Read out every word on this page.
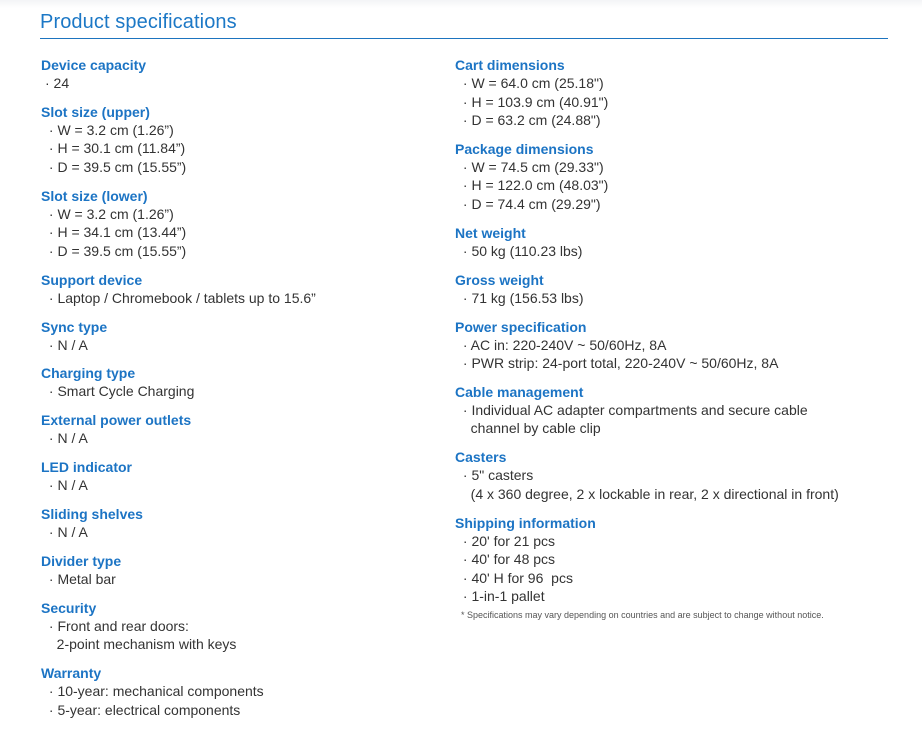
Product specifications
Device capacity
· 24
Slot size (upper)
· W = 3.2 cm (1.26”)
· H = 30.1 cm (11.84”)
· D = 39.5 cm (15.55”)
Slot size (lower)
· W = 3.2 cm (1.26”)
· H = 34.1 cm (13.44”)
· D = 39.5 cm (15.55”)
Support device
· Laptop / Chromebook / tablets up to 15.6”
Sync type
· N / A
Charging type
· Smart Cycle Charging
External power outlets
· N / A
LED indicator
· N / A
Sliding shelves
· N / A
Divider type
· Metal bar
Security
· Front and rear doors:
2-point mechanism with keys
Warranty
· 10-year: mechanical components
· 5-year: electrical components
Cart dimensions
· W = 64.0 cm (25.18")
· H = 103.9 cm (40.91")
· D = 63.2 cm (24.88")
Package dimensions
· W = 74.5 cm (29.33")
· H = 122.0 cm (48.03")
· D = 74.4 cm (29.29")
Net weight
· 50 kg (110.23 lbs)
Gross weight
· 71 kg (156.53 lbs)
Power specification
· AC in: 220-240V ~ 50/60Hz, 8A
· PWR strip: 24-port total, 220-240V ~ 50/60Hz, 8A
Cable management
· Individual AC adapter compartments and secure cable
channel by cable clip
Casters
· 5" casters
(4 x 360 degree, 2 x lockable in rear, 2 x directional in front)
Shipping information
· 20' for 21 pcs
· 40' for 48 pcs
· 40' H for 96  pcs
· 1-in-1 pallet
* Specifications may vary depending on countries and are subject to change without notice.
